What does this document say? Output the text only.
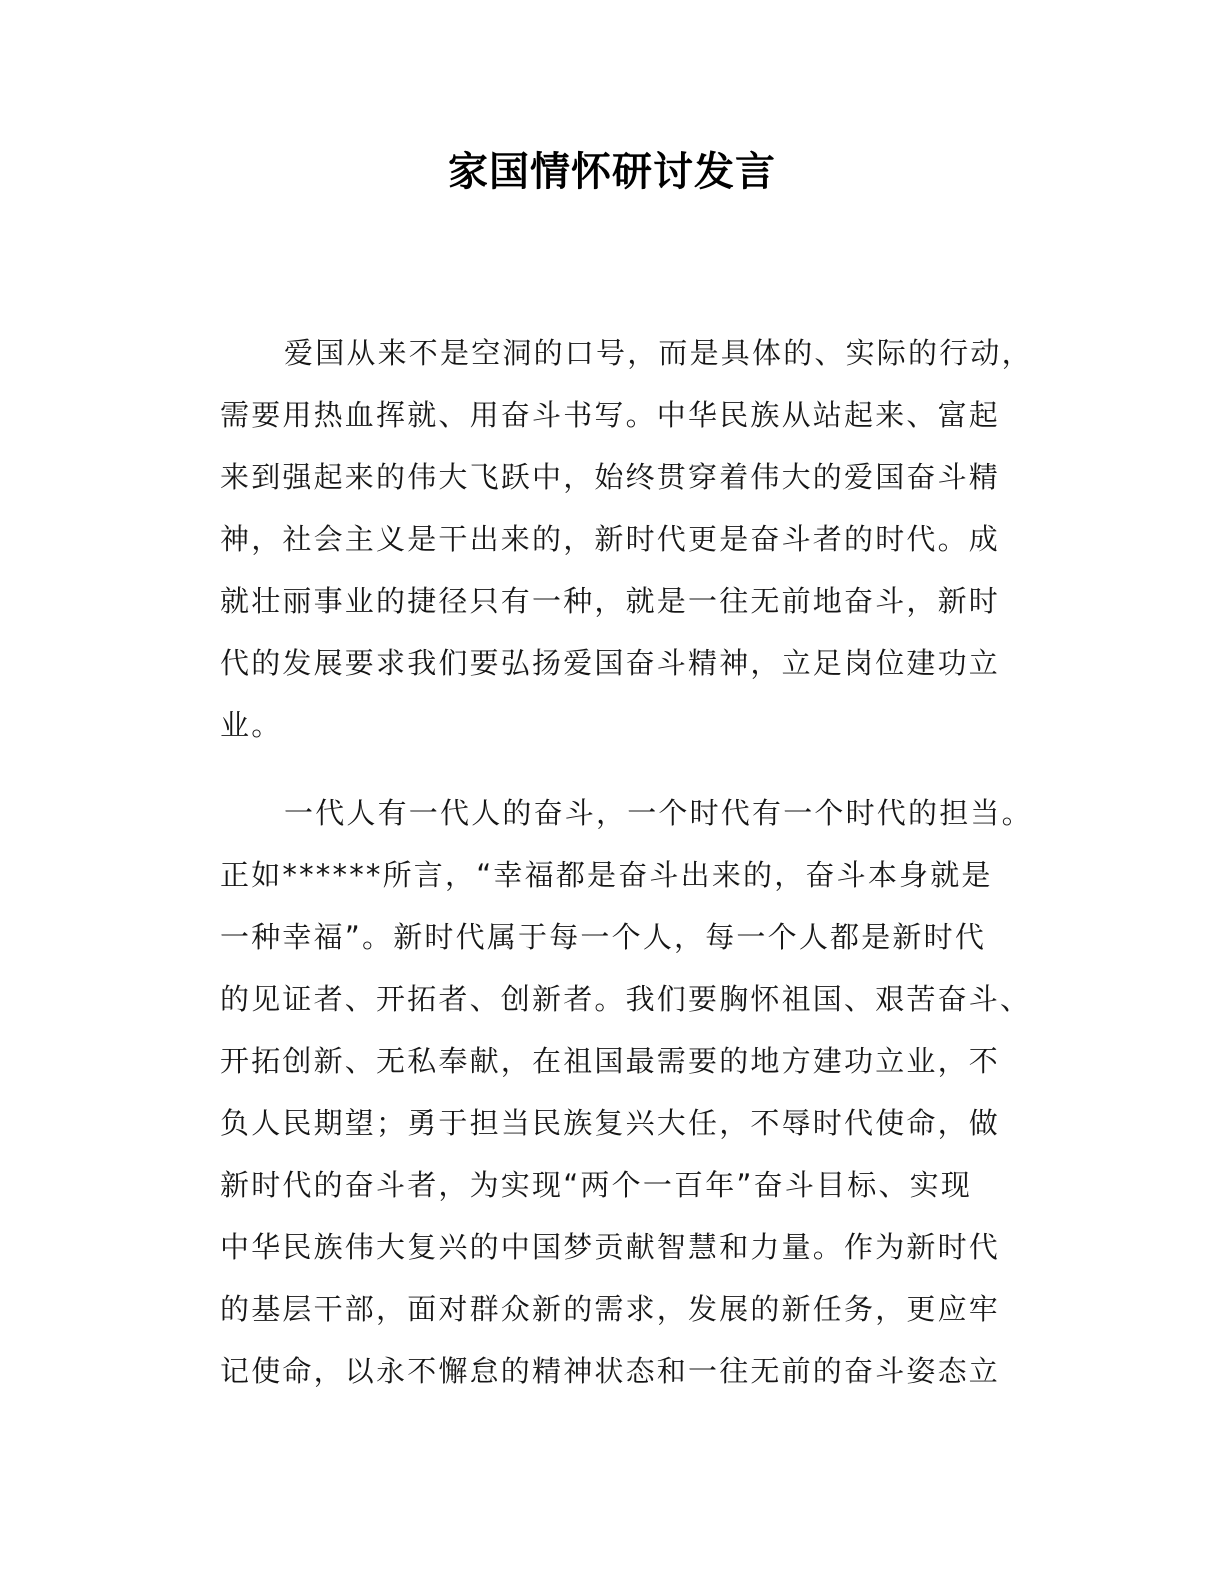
家国情怀研讨发言

爱国从来不是空洞的口号，而是具体的、实际的行动，
需要用热血挥就、用奋斗书写。中华民族从站起来、富起
来到强起来的伟大飞跃中，始终贯穿着伟大的爱国奋斗精
神，社会主义是干出来的，新时代更是奋斗者的时代。成
就壮丽事业的捷径只有一种，就是一往无前地奋斗，新时
代的发展要求我们要弘扬爱国奋斗精神，立足岗位建功立
业。

一代人有一代人的奋斗，一个时代有一个时代的担当。
正如******所言，“幸福都是奋斗出来的，奋斗本身就是
一种幸福”。新时代属于每一个人，每一个人都是新时代
的见证者、开拓者、创新者。我们要胸怀祖国、艰苦奋斗、
开拓创新、无私奉献，在祖国最需要的地方建功立业，不
负人民期望；勇于担当民族复兴大任，不辱时代使命，做
新时代的奋斗者，为实现“两个一百年”奋斗目标、实现
中华民族伟大复兴的中国梦贡献智慧和力量。作为新时代
的基层干部，面对群众新的需求，发展的新任务，更应牢
记使命，以永不懈怠的精神状态和一往无前的奋斗姿态立
